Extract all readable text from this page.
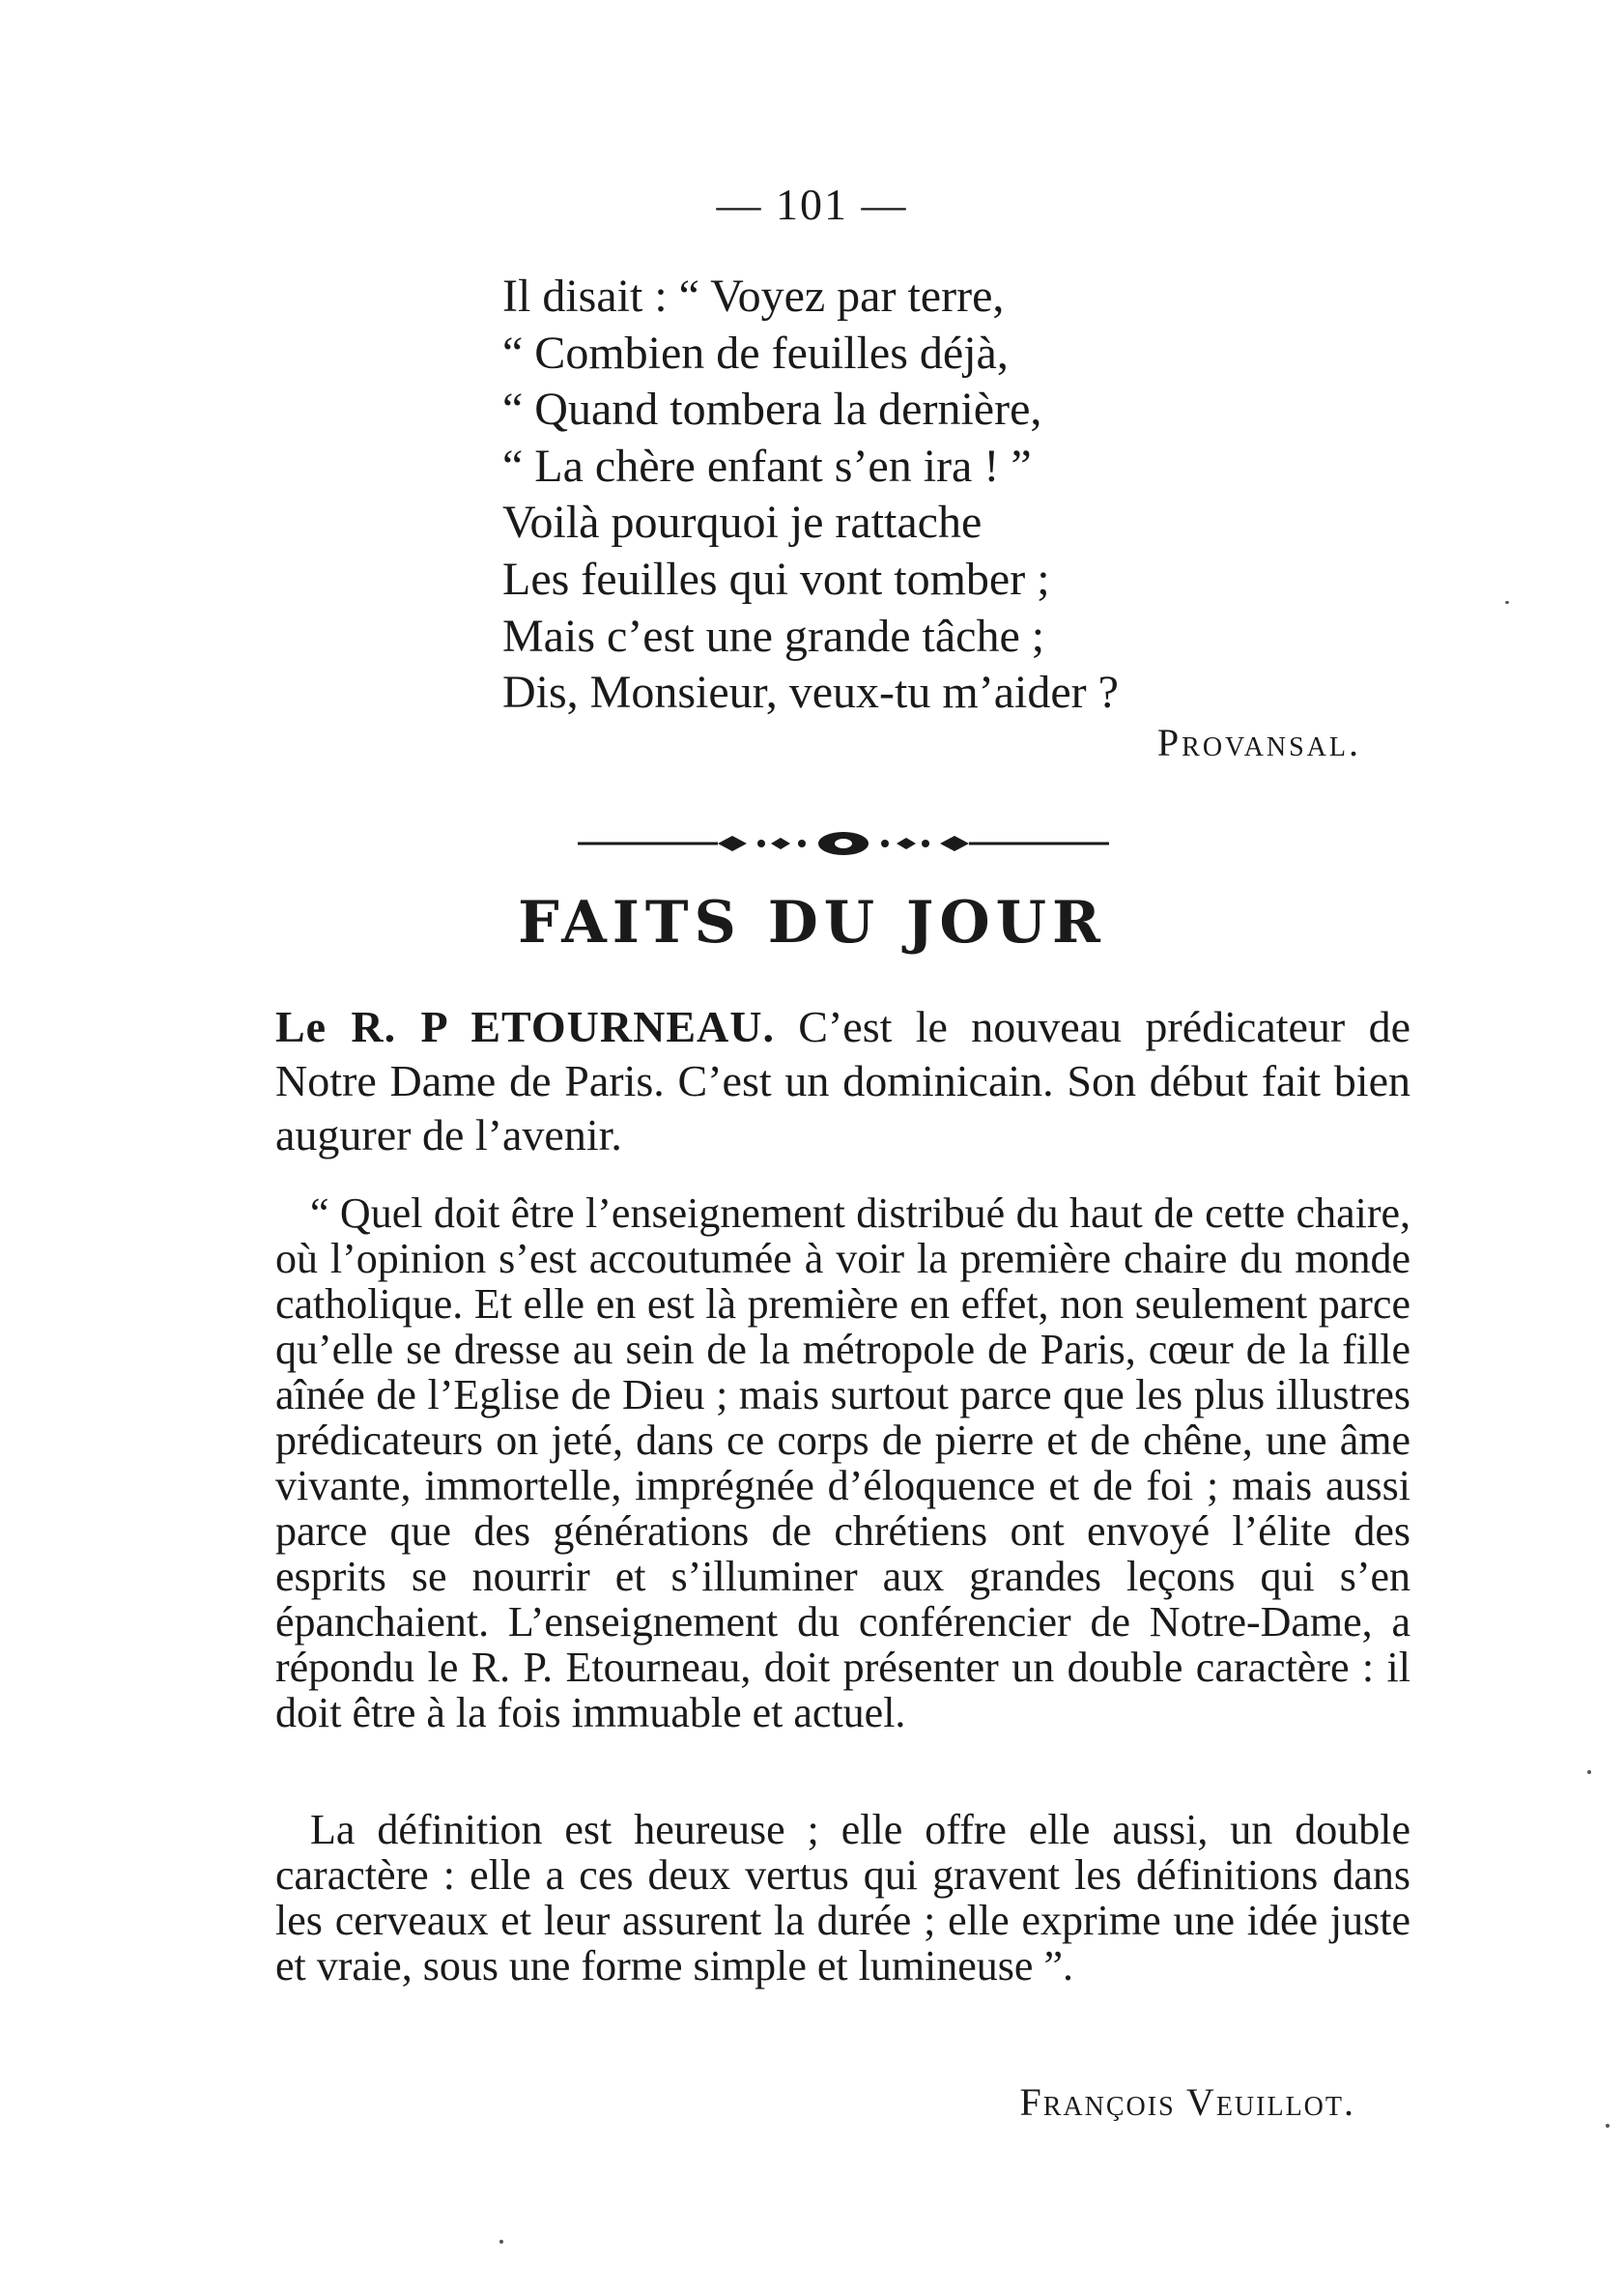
— 101 —
Il disait : “ Voyez par terre,
“ Combien de feuilles déjà,
“ Quand tombera la dernière,
“ La chère enfant s’en ira ! ”
Voilà pourquoi je rattache
Les feuilles qui vont tomber ;
Mais c’est une grande tâche ;
Dis, Monsieur, veux-tu m’aider ?
Provansal.
FAITS DU JOUR
Le R. P ETOURNEAU. C’est le nouveau prédicateur de Notre Dame de Paris. C’est un dominicain. Son début fait bien augurer de l’avenir.

“ Quel doit être l’enseignement distribué du haut de cette chaire, où l’opinion s’est accoutumée à voir la première chaire du monde catholique. Et elle en est là première en effet, non seulement parce qu’elle se dresse au sein de la métropole de Paris, cœur de la fille aînée de l’Eglise de Dieu ; mais surtout parce que les plus illustres prédicateurs on jeté, dans ce corps de pierre et de chêne, une âme vivante, immortelle, imprégnée d’éloquence et de foi ; mais aussi parce que des générations de chrétiens ont envoyé l’élite des esprits se nourrir et s’illuminer aux grandes leçons qui s’en épanchaient. L’enseignement du conférencier de Notre-Dame, a répondu le R. P. Etourneau, doit présenter un double caractère : il doit être à la fois immuable et actuel.

La définition est heureuse ; elle offre elle aussi, un double caractère : elle a ces deux vertus qui gravent les définitions dans les cerveaux et leur assurent la durée ; elle exprime une idée juste et vraie, sous une forme simple et lumineuse ”.

François Veuillot.
